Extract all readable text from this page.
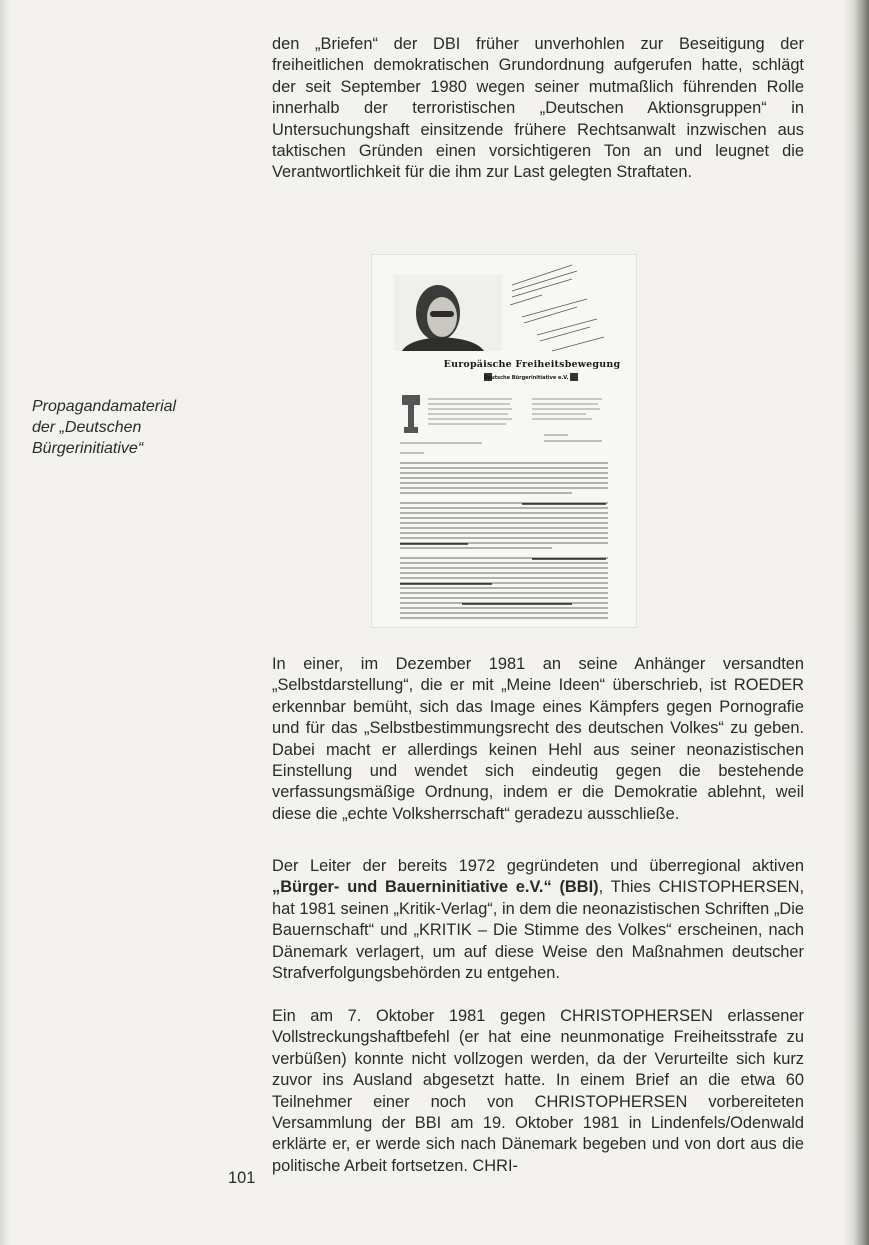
den „Briefen“ der DBI früher unverhohlen zur Beseitigung der freiheitlichen demokratischen Grundordnung aufgerufen hatte, schlägt der seit September 1980 wegen seiner mutmaßlich führenden Rolle innerhalb der terroristischen „Deutschen Aktionsgruppen“ in Untersuchungshaft einsitzende frühere Rechtsanwalt inzwischen aus taktischen Gründen einen vorsichtigeren Ton an und leugnet die Verantwortlichkeit für die ihm zur Last gelegten Straftaten.

Propagandamaterial
der „Deutschen
Bürgerinitiative“

Europäische Freiheitsbewegung
Deutsche Bürgerinitiative e.V.

In einer, im Dezember 1981 an seine Anhänger versandten „Selbstdarstellung“, die er mit „Meine Ideen“ überschrieb, ist ROEDER erkennbar bemüht, sich das Image eines Kämpfers gegen Pornografie und für das „Selbstbestimmungsrecht des deutschen Volkes“ zu geben. Dabei macht er allerdings keinen Hehl aus seiner neonazistischen Einstellung und wendet sich eindeutig gegen die bestehende verfassungsmäßige Ordnung, indem er die Demokratie ablehnt, weil diese die „echte Volksherrschaft“ geradezu ausschließe.

Der Leiter der bereits 1972 gegründeten und überregional aktiven „Bürger- und Bauerninitiative e.V.“ (BBI), Thies CHISTOPHERSEN, hat 1981 seinen „Kritik-Verlag“, in dem die neonazistischen Schriften „Die Bauernschaft“ und „KRITIK – Die Stimme des Volkes“ erscheinen, nach Dänemark verlagert, um auf diese Weise den Maßnahmen deutscher Strafverfolgungsbehörden zu entgehen.

Ein am 7. Oktober 1981 gegen CHRISTOPHERSEN erlassener Vollstreckungshaftbefehl (er hat eine neunmonatige Freiheitsstrafe zu verbüßen) konnte nicht vollzogen werden, da der Verurteilte sich kurz zuvor ins Ausland abgesetzt hatte. In einem Brief an die etwa 60 Teilnehmer einer noch von CHRISTOPHERSEN vorbereiteten Versammlung der BBI am 19. Oktober 1981 in Lindenfels/Odenwald erklärte er, er werde sich nach Dänemark begeben und von dort aus die politische Arbeit fortsetzen. CHRI-

101
